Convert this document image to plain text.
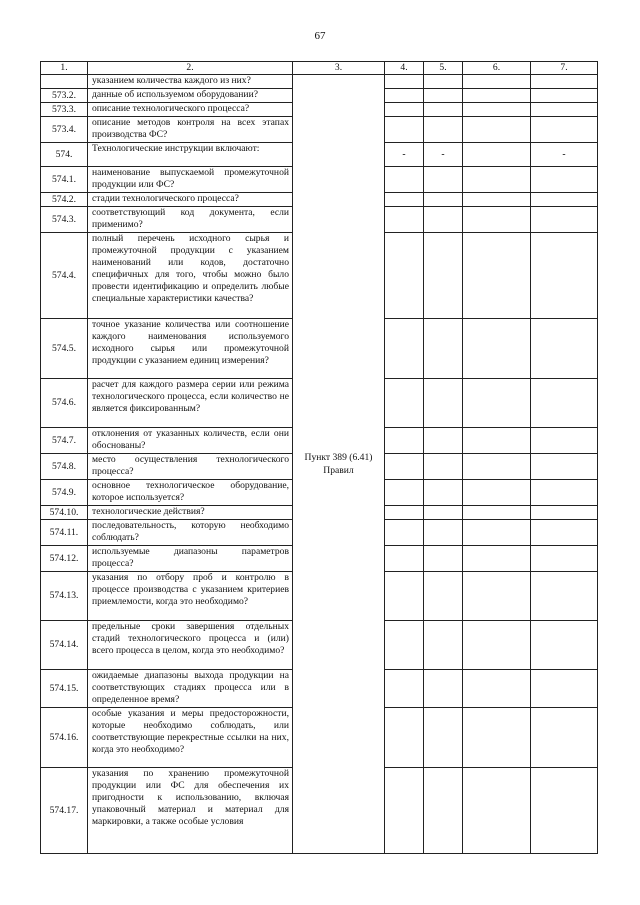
67
1.	2.	3.	4.	5.	6.	7.
	указанием количества каждого из них?	Пункт 389 (6.41) Правил				
573.2.	данные об используемом оборудовании?					
573.3.	описание технологического процесса?					
573.4.	описание методов контроля на всех этапах производства ФС?					
574.	Технологические инструкции включают:		-	-		-
574.1.	наименование выпускаемой промежуточной продукции или ФС?					
574.2.	стадии технологического процесса?					
574.3.	соответствующий код документа, если применимо?					
574.4.	полный перечень исходного сырья и промежуточной продукции с указанием наименований или кодов, достаточно специфичных для того, чтобы можно было провести идентификацию и определить любые специальные характеристики качества?					
574.5.	точное указание количества или соотношение каждого наименования используемого исходного сырья или промежуточной продукции с указанием единиц измерения?					
574.6.	расчет для каждого размера серии или режима технологического процесса, если количество не является фиксированным?					
574.7.	отклонения от указанных количеств, если они обоснованы?					
574.8.	место осуществления технологического процесса?					
574.9.	основное технологическое оборудование, которое используется?					
574.10.	технологические действия?					
574.11.	последовательность, которую необходимо соблюдать?					
574.12.	используемые диапазоны параметров процесса?					
574.13.	указания по отбору проб и контролю в процессе производства с указанием критериев приемлемости, когда это необходимо?					
574.14.	предельные сроки завершения отдельных стадий технологического процесса и (или) всего процесса в целом, когда это необходимо?					
574.15.	ожидаемые диапазоны выхода продукции на соответствующих стадиях процесса или в определенное время?					
574.16.	особые указания и меры предосторожности, которые необходимо соблюдать, или соответствующие перекрестные ссылки на них, когда это необходимо?					
574.17.	указания по хранению промежуточной продукции или ФС для обеспечения их пригодности к использованию, включая упаковочный материал и материал для маркировки, а также особые условия					
